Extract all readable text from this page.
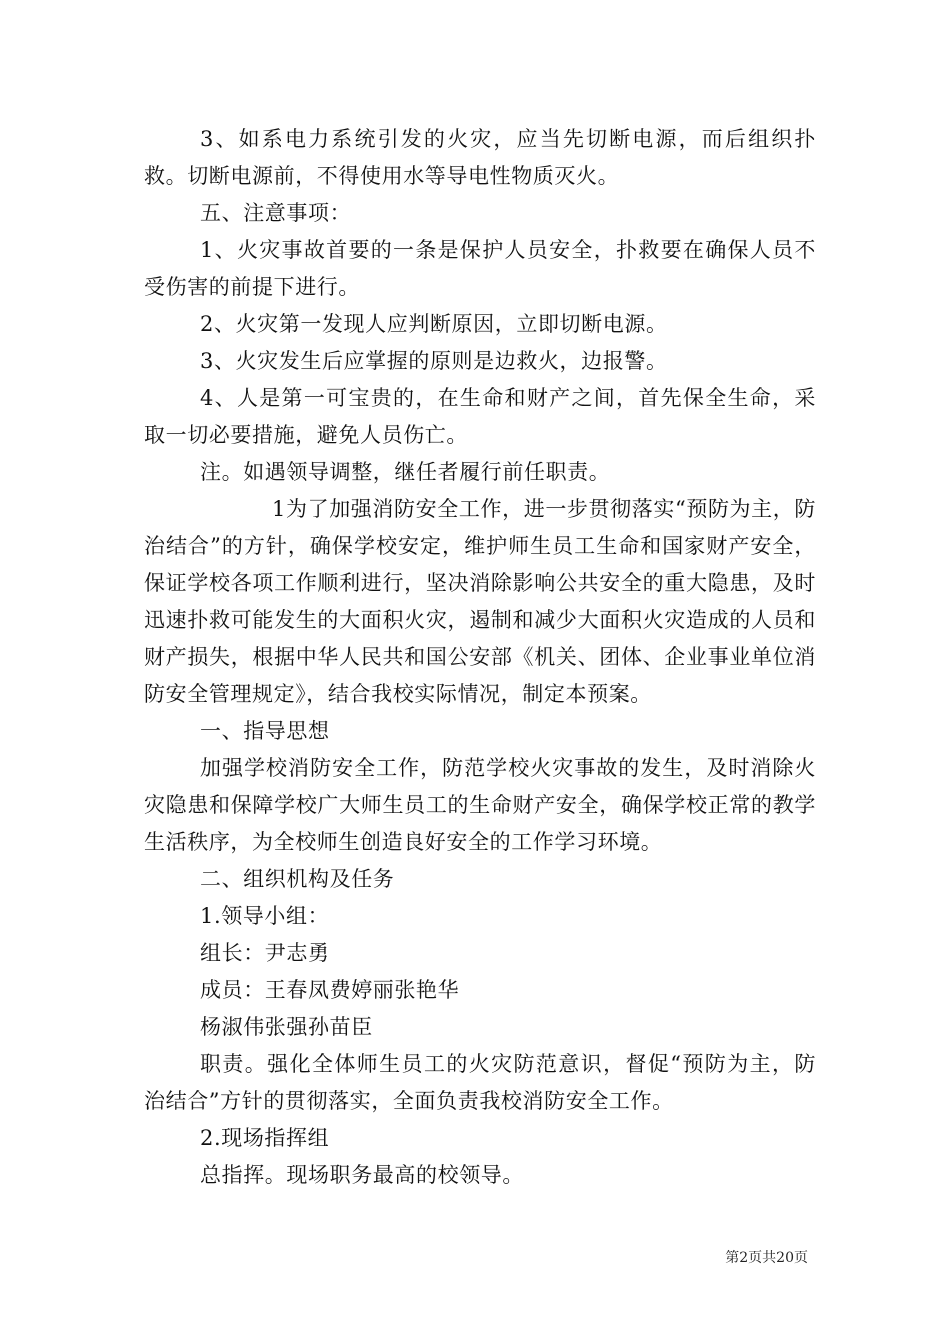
3、如系电力系统引发的火灾，应当先切断电源，而后组织扑救。切断电源前，不得使用水等导电性物质灭火。

五、注意事项：

1、火灾事故首要的一条是保护人员安全，扑救要在确保人员不受伤害的前提下进行。

2、火灾第一发现人应判断原因，立即切断电源。

3、火灾发生后应掌握的原则是边救火，边报警。

4、人是第一可宝贵的，在生命和财产之间，首先保全生命，采取一切必要措施，避免人员伤亡。

注。如遇领导调整，继任者履行前任职责。

1为了加强消防安全工作，进一步贯彻落实“预防为主，防治结合”的方针，确保学校安定，维护师生员工生命和国家财产安全，保证学校各项工作顺利进行，坚决消除影响公共安全的重大隐患，及时迅速扑救可能发生的大面积火灾，遏制和减少大面积火灾造成的人员和财产损失，根据中华人民共和国公安部《机关、团体、企业事业单位消防安全管理规定》，结合我校实际情况，制定本预案。

一、指导思想

加强学校消防安全工作，防范学校火灾事故的发生，及时消除火灾隐患和保障学校广大师生员工的生命财产安全，确保学校正常的教学生活秩序，为全校师生创造良好安全的工作学习环境。

二、组织机构及任务

1.领导小组：

组长：尹志勇

成员：王春凤费婷丽张艳华

杨淑伟张强孙苗臣

职责。强化全体师生员工的火灾防范意识，督促“预防为主，防治结合”方针的贯彻落实，全面负责我校消防安全工作。

2.现场指挥组

总指挥。现场职务最高的校领导。

第2页共20页
